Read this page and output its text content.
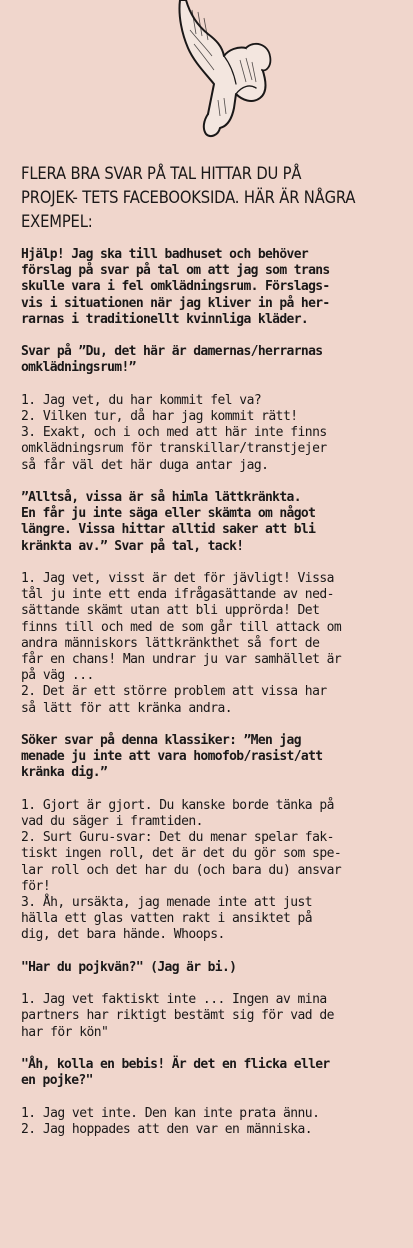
FLERA BRA SVAR PÅ TAL HITTAR DU PÅ PROJEK- TETS FACEBOOKSIDA. HÄR ÄR NÅGRA EXEMPEL:

Hjälp! Jag ska till badhuset och behöver
förslag på svar på tal om att jag som trans
skulle vara i fel omklädningsrum. Förslags-
vis i situationen när jag kliver in på her-
rarnas i traditionellt kvinnliga kläder.

Svar på ”Du, det här är damernas/herrarnas
omklädningsrum!”

1. Jag vet, du har kommit fel va?
2. Vilken tur, då har jag kommit rätt!
3. Exakt, och i och med att här inte finns
omklädningsrum för transkillar/transtjejer
så får väl det här duga antar jag.

”Alltså, vissa är så himla lättkränkta.
En får ju inte säga eller skämta om något
längre. Vissa hittar alltid saker att bli
kränkta av.” Svar på tal, tack!

1. Jag vet, visst är det för jävligt! Vissa
tål ju inte ett enda ifrågasättande av ned-
sättande skämt utan att bli upprörda! Det
finns till och med de som går till attack om
andra människors lättkränkthet så fort de
får en chans! Man undrar ju var samhället är
på väg ...
2. Det är ett större problem att vissa har
så lätt för att kränka andra.

Söker svar på denna klassiker: ”Men jag
menade ju inte att vara homofob/rasist/att
kränka dig.”

1. Gjort är gjort. Du kanske borde tänka på
vad du säger i framtiden.
2. Surt Guru-svar: Det du menar spelar fak-
tiskt ingen roll, det är det du gör som spe-
lar roll och det har du (och bara du) ansvar
för!
3. Åh, ursäkta, jag menade inte att just
hälla ett glas vatten rakt i ansiktet på
dig, det bara hände. Whoops.

"Har du pojkvän?" (Jag är bi.)

1. Jag vet faktiskt inte ... Ingen av mina
partners har riktigt bestämt sig för vad de
har för kön"

"Åh, kolla en bebis! Är det en flicka eller
en pojke?"

1. Jag vet inte. Den kan inte prata ännu.
2. Jag hoppades att den var en människa.
